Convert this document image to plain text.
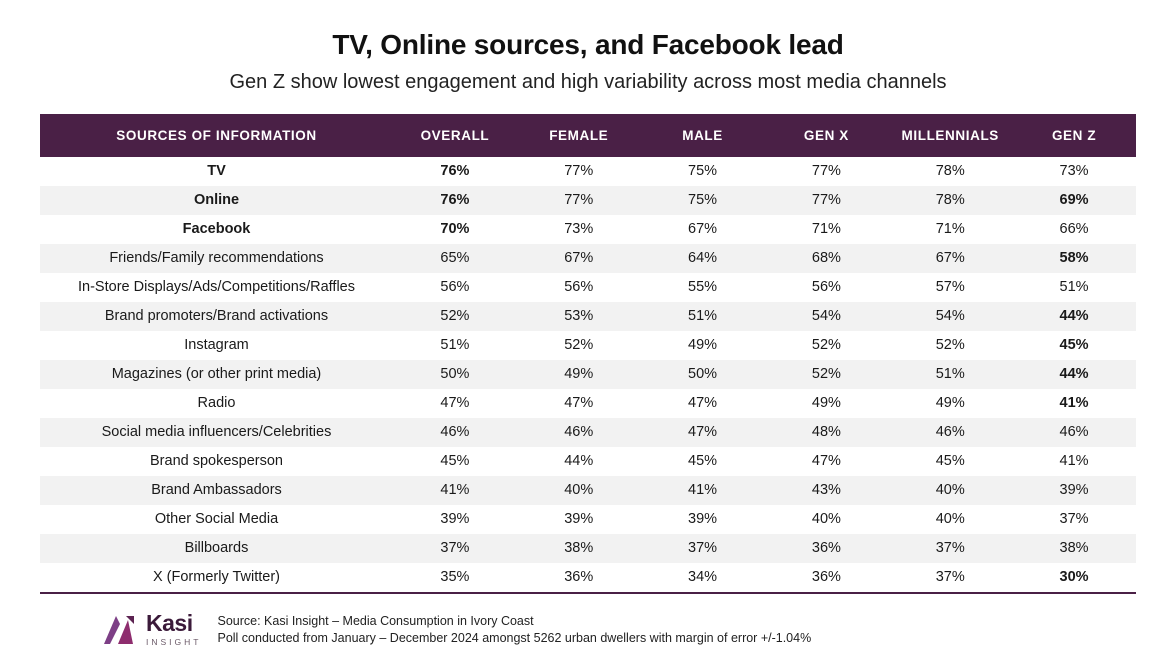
TV, Online sources, and Facebook lead
Gen Z show lowest engagement and high variability across most media channels
SOURCES OF INFORMATION	OVERALL	FEMALE	MALE	GEN X	MILLENNIALS	GEN Z
TV	76%	77%	75%	77%	78%	73%
Online	76%	77%	75%	77%	78%	69%
Facebook	70%	73%	67%	71%	71%	66%
Friends/Family recommendations	65%	67%	64%	68%	67%	58%
In-Store Displays/Ads/Competitions/Raffles	56%	56%	55%	56%	57%	51%
Brand promoters/Brand activations	52%	53%	51%	54%	54%	44%
Instagram	51%	52%	49%	52%	52%	45%
Magazines (or other print media)	50%	49%	50%	52%	51%	44%
Radio	47%	47%	47%	49%	49%	41%
Social media influencers/Celebrities	46%	46%	47%	48%	46%	46%
Brand spokesperson	45%	44%	45%	47%	45%	41%
Brand Ambassadors	41%	40%	41%	43%	40%	39%
Other Social Media	39%	39%	39%	40%	40%	37%
Billboards	37%	38%	37%	36%	37%	38%
X (Formerly Twitter)	35%	36%	34%	36%	37%	30%
Kasi
INSIGHT
Source: Kasi Insight – Media Consumption in Ivory Coast
Poll conducted from January – December 2024 amongst 5262 urban dwellers with margin of error +/-1.04%
